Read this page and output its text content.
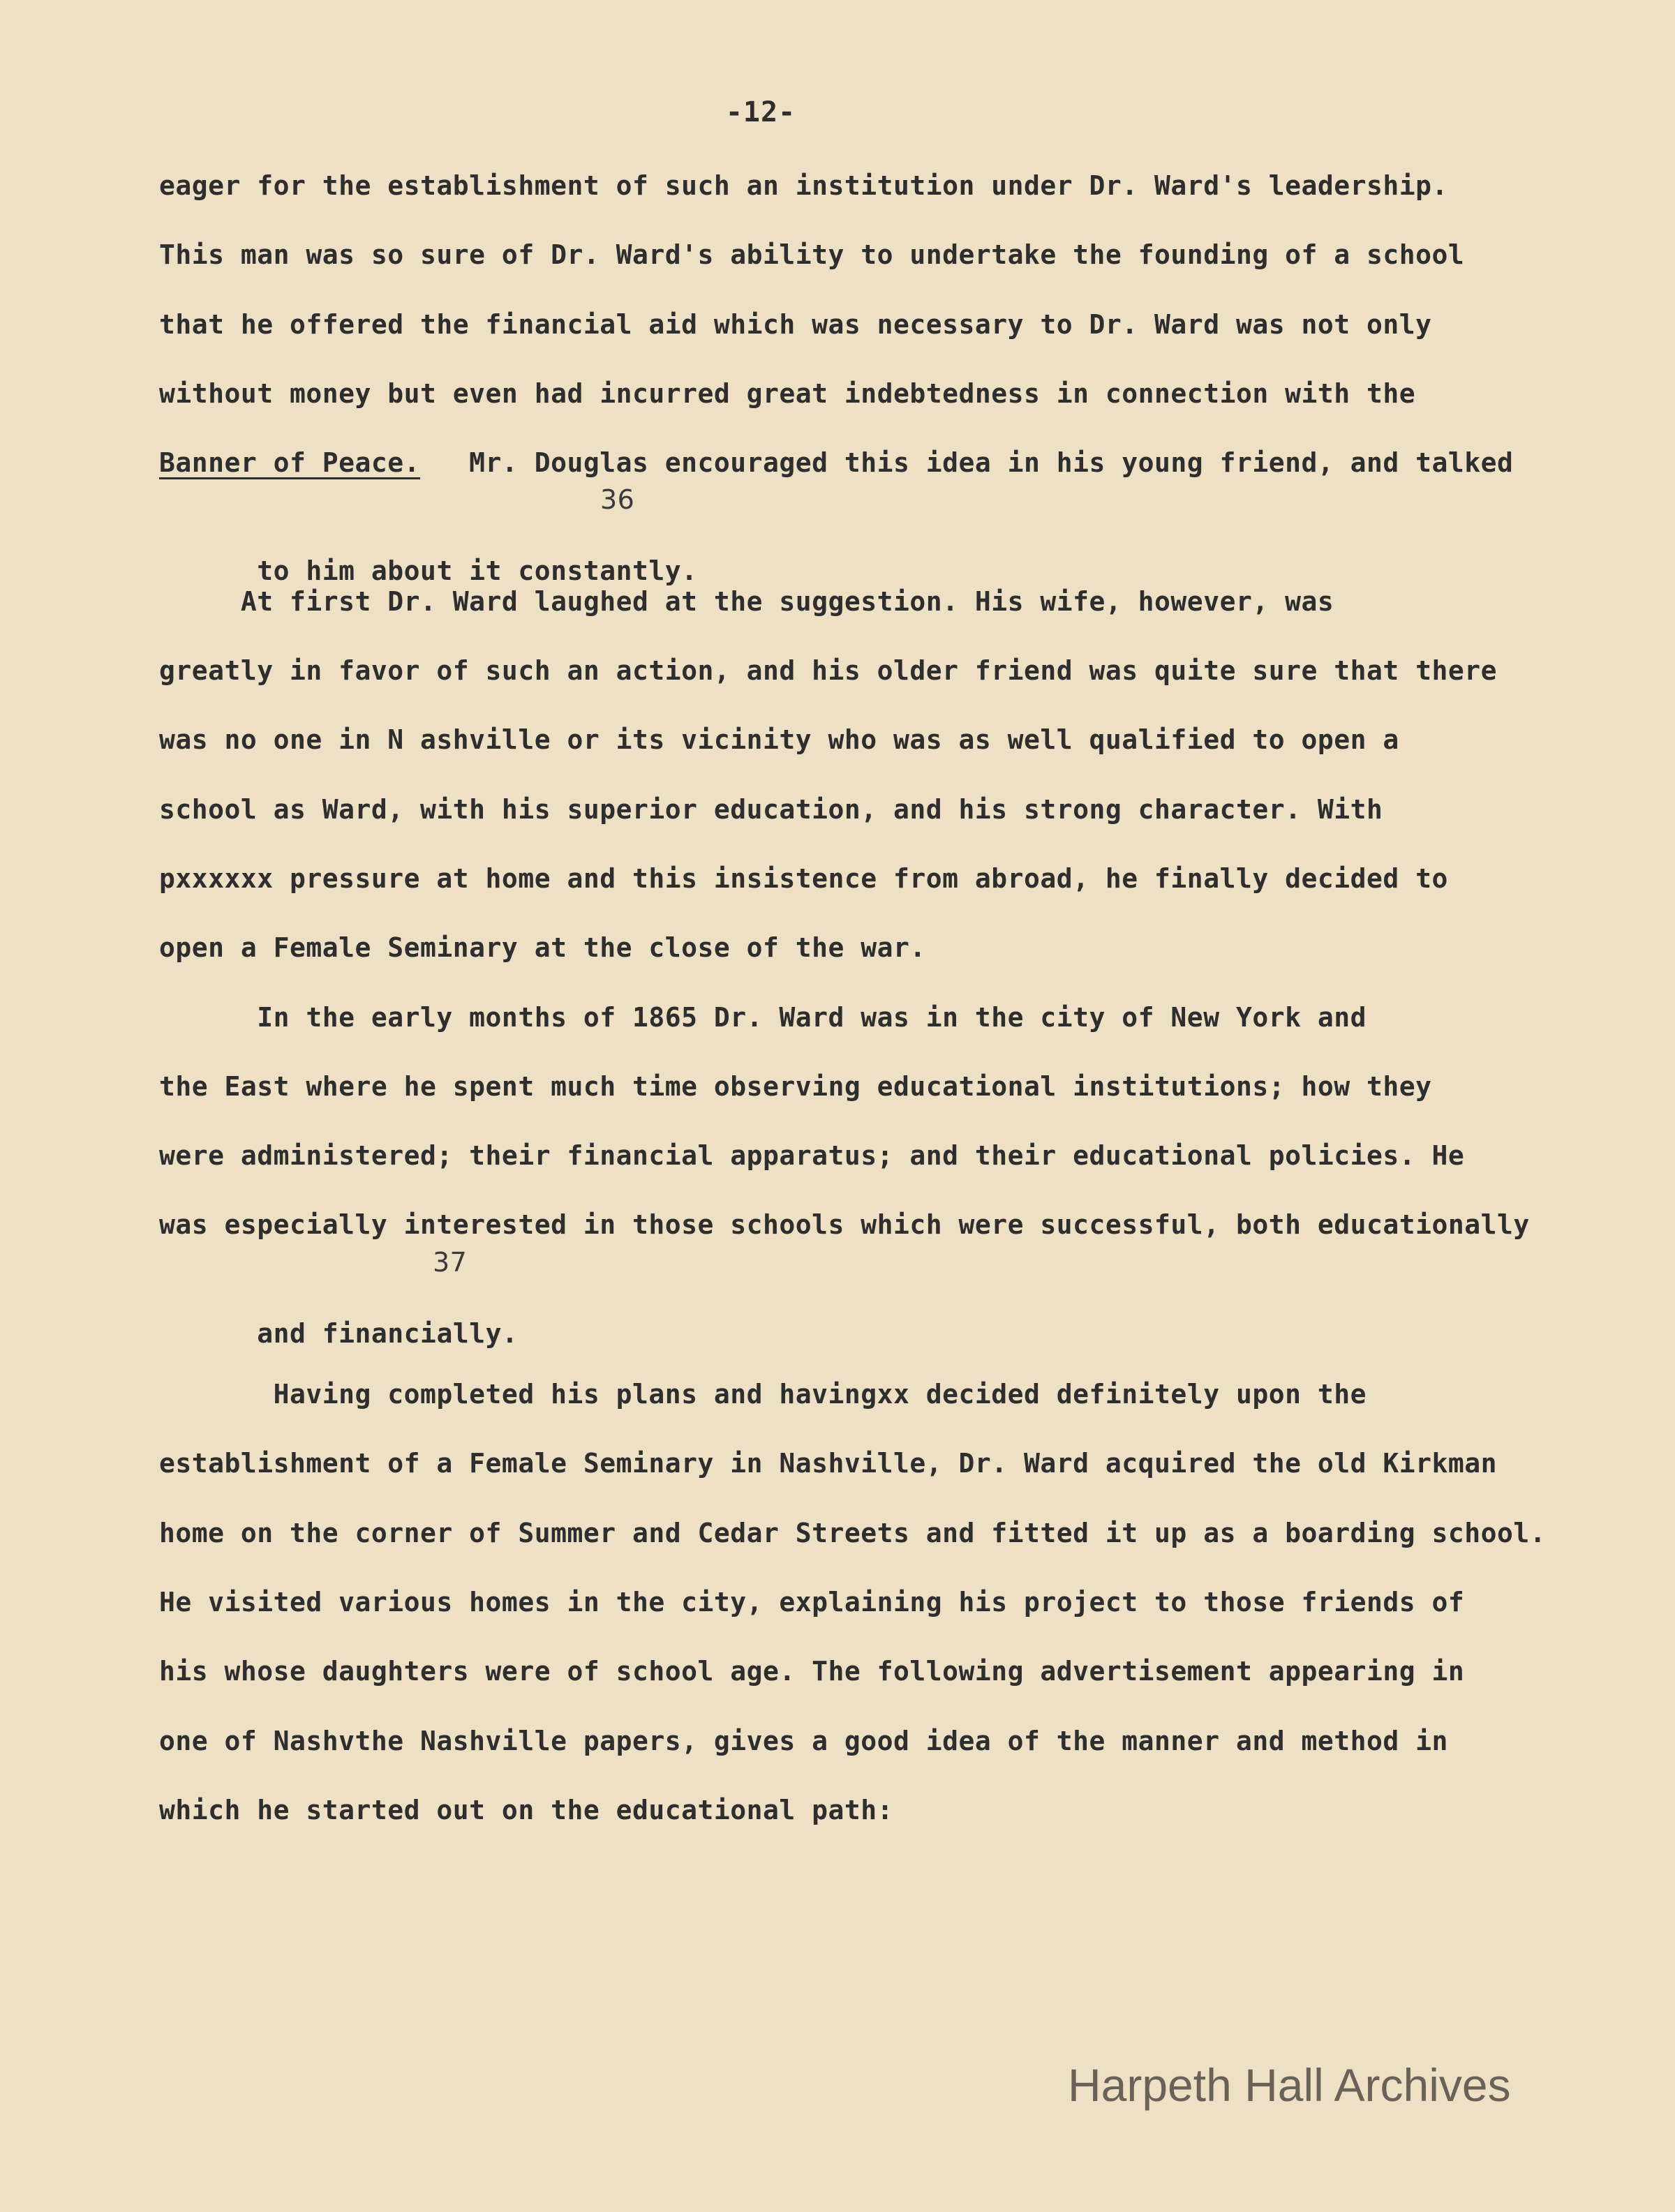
-12-
eager for the establishment of such an institution under Dr. Ward's leadership.
This man was so sure of Dr. Ward's ability to undertake the founding of a school
that he offered the financial aid which was necessary to Dr. Ward was not only
without money but even had incurred great indebtedness in connection with the
Banner of Peace.   Mr. Douglas encouraged this idea in his young friend, and talked

to him about it constantly.

36

At first Dr. Ward laughed at the suggestion. His wife, however, was
greatly in favor of such an action, and his older friend was quite sure that there
was no one in N ashville or its vicinity who was as well qualified to open a
school as Ward, with his superior education, and his strong character. With
pxxxxxx pressure at home and this insistence from abroad, he finally decided to
open a Female Seminary at the close of the war.
In the early months of 1865 Dr. Ward was in the city of New York and
the East where he spent much time observing educational institutions; how they
were administered; their financial apparatus; and their educational policies. He
was especially interested in those schools which were successful, both educationally

and financially.

37

Having completed his plans and havingxx decided definitely upon the
establishment of a Female Seminary in Nashville, Dr. Ward acquired the old Kirkman
home on the corner of Summer and Cedar Streets and fitted it up as a boarding school.
He visited various homes in the city, explaining his project to those friends of
his whose daughters were of school age. The following advertisement appearing in
one of Nashvthe Nashville papers, gives a good idea of the manner and method in
which he started out on the educational path:
Harpeth Hall Archives
